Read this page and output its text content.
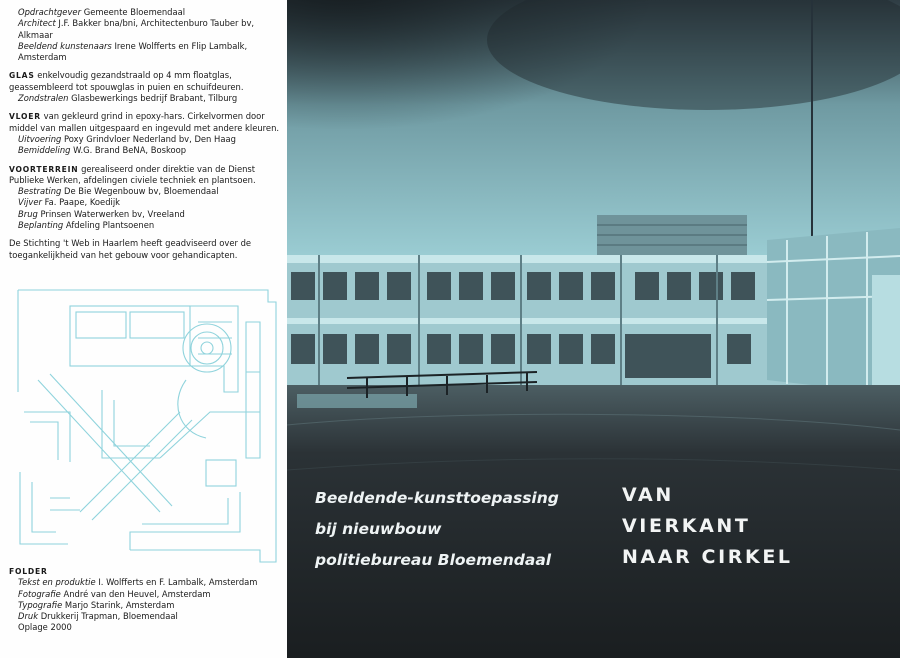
Opdrachtgever Gemeente Bloemendaal

Architect J.F. Bakker bna/bni, Architectenburo Tauber bv, Alkmaar

Beeldend kunstenaars Irene Wolfferts en Flip Lambalk, Amsterdam

GLAS enkelvoudig gezandstraald op 4 mm floatglas, geassembleerd tot spouwglas in puien en schuifdeuren.

Zondstralen Glasbewerkings bedrijf Brabant, Tilburg

VLOER van gekleurd grind in epoxy-hars. Cirkelvormen door middel van mallen uitgespaard en ingevuld met andere kleuren.

Uitvoering Poxy Grindvloer Nederland bv, Den Haag

Bemiddeling W.G. Brand BeNA, Boskoop

VOORTERREIN gerealiseerd onder direktie van de Dienst Publieke Werken, afdelingen civiele techniek en plantsoen.

Bestrating De Bie Wegenbouw bv, Bloemendaal

Vijver Fa. Paape, Koedijk

Brug Prinsen Waterwerken bv, Vreeland

Beplanting Afdeling Plantsoenen

De Stichting 't Web in Haarlem heeft geadviseerd over de toegankelijkheid van het gebouw voor gehandicapten.

FOLDER

Tekst en produktie I. Wolfferts en F. Lambalk, Amsterdam

Fotografie André van den Heuvel, Amsterdam

Typografie Marjo Starink, Amsterdam

Druk Drukkerij Trapman, Bloemendaal

Oplage 2000

Beeldende-kunsttoepassing
bij nieuwbouw
politiebureau Bloemendaal
VAN
VIERKANT
NAAR CIRKEL
